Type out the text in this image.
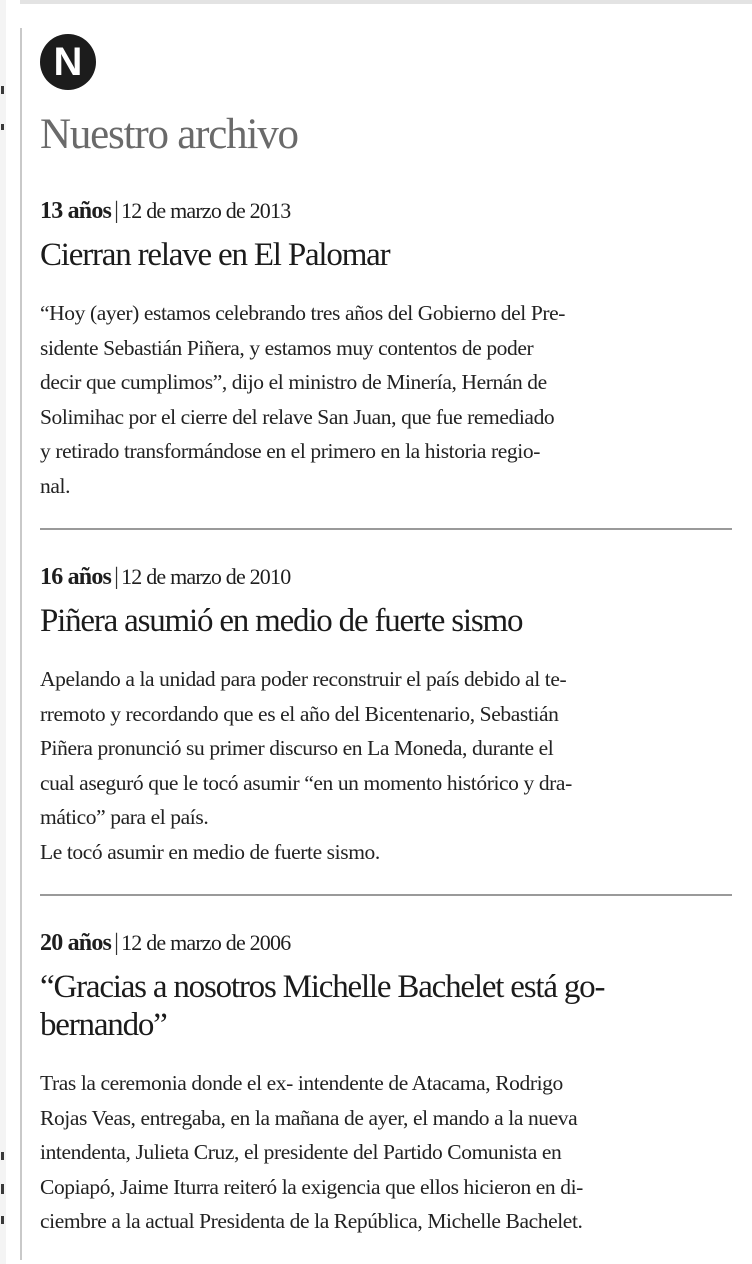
N
Nuestro archivo
13 años | 12 de marzo de 2013
Cierran relave en El Palomar
“Hoy (ayer) estamos celebrando tres años del Gobierno del Pre-
sidente Sebastián Piñera, y estamos muy contentos de poder
decir que cumplimos”, dijo el ministro de Minería, Hernán de
Solimihac por el cierre del relave San Juan, que fue remediado
y retirado transformándose en el primero en la historia regio-
nal.
16 años | 12 de marzo de 2010
Piñera asumió en medio de fuerte sismo
Apelando a la unidad para poder reconstruir el país debido al te-
rremoto y recordando que es el año del Bicentenario, Sebastián
Piñera pronunció su primer discurso en La Moneda, durante el
cual aseguró que le tocó asumir “en un momento histórico y dra-
mático” para el país.
Le tocó asumir en medio de fuerte sismo.
20 años | 12 de marzo de 2006
“Gracias a nosotros Michelle Bachelet está go-
bernando”
Tras la ceremonia donde el ex- intendente de Atacama, Rodrigo
Rojas Veas, entregaba, en la mañana de ayer, el mando a la nueva
intendenta, Julieta Cruz, el presidente del Partido Comunista en
Copiapó, Jaime Iturra reiteró la exigencia que ellos hicieron en di-
ciembre a la actual Presidenta de la República, Michelle Bachelet.
